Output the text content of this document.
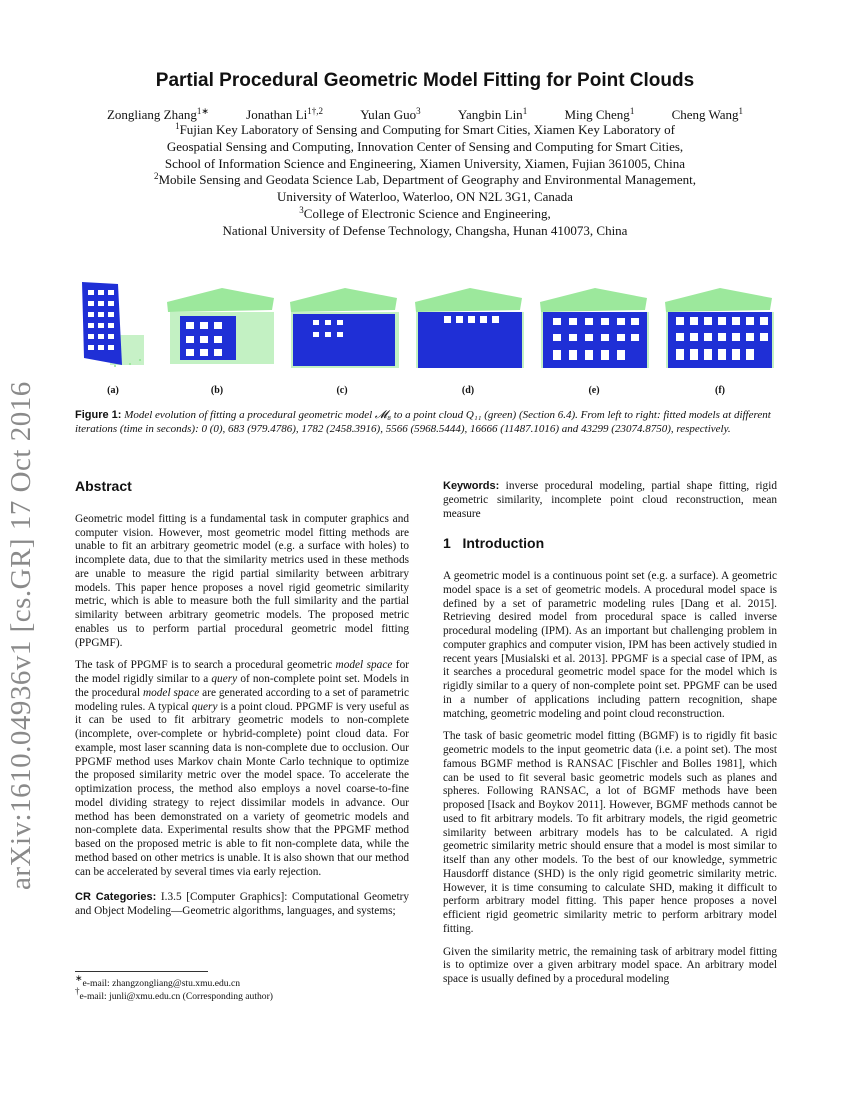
arXiv:1610.04936v1 [cs.GR] 17 Oct 2016
Partial Procedural Geometric Model Fitting for Point Clouds
Zongliang Zhang$^{1∗}$	Jonathan $Li^{1\dagger,2}$	Yulan Guo$^3$	Yangbin Lin$^1$	Ming Cheng$^1$	Cheng Wang$^1$
$^1$Fujian Key Laboratory of Sensing and Computing for Smart Cities, Xiamen Key Laboratory of
Geospatial Sensing and Computing, Innovation Center of Sensing and Computing for Smart Cities,
School of Information Science and Engineering, Xiamen University, Xiamen, Fujian 361005, China
$^2$Mobile Sensing and Geodata Science Lab, Department of Geography and Environmental Management,
University of Waterloo, Waterloo, ON N2L 3G1, Canada
$^3$College of Electronic Science and Engineering,
National University of Defense Technology, Changsha, Hunan 410073, China
(a)	(b)	(c)	(d)	(e)	(f)
Figure 1: Model evolution of fitting a procedural geometric model 𝓜₈ to a point cloud Q₁₁ (green) (Section 6.4). From left to right: fitted models at different iterations (time in seconds): 0 (0), 683 (979.4786), 1782 (2458.3916), 5566 (5968.5444), 16666 (11487.1016) and 43299 (23074.8750), respectively.
Abstract

Geometric model fitting is a fundamental task in computer graphics and computer vision. However, most geometric model fitting methods are unable to fit an arbitrary geometric model (e.g. a surface with holes) to incomplete data, due to that the similarity metrics used in these methods are unable to measure the rigid partial similarity between arbitrary models. This paper hence proposes a novel rigid geometric similarity metric, which is able to measure both the full similarity and the partial similarity between arbitrary geometric models. The proposed metric enables us to perform partial procedural geometric model fitting (PPGMF).

The task of PPGMF is to search a procedural geometric model space for the model rigidly similar to a query of non-complete point set. Models in the procedural model space are generated according to a set of parametric modeling rules. A typical query is a point cloud. PPGMF is very useful as it can be used to fit arbitrary geometric models to non-complete (incomplete, over-complete or hybrid-complete) point cloud data. For example, most laser scanning data is non-complete due to occlusion. Our PPGMF method uses Markov chain Monte Carlo technique to optimize the proposed similarity metric over the model space. To accelerate the optimization process, the method also employs a novel coarse-to-fine model dividing strategy to reject dissimilar models in advance. Our method has been demonstrated on a variety of geometric models and non-complete data. Experimental results show that the PPGMF method based on the proposed metric is able to fit non-complete data, while the method based on other metrics is unable. It is also shown that our method can be accelerated by several times via early rejection.

CR Categories: I.3.5 [Computer Graphics]: Computational Geometry and Object Modeling—Geometric algorithms, languages, and systems;

Keywords: inverse procedural modeling, partial shape fitting, rigid geometric similarity, incomplete point cloud reconstruction, mean measure

1 Introduction

A geometric model is a continuous point set (e.g. a surface). A geometric model space is a set of geometric models. A procedural model space is defined by a set of parametric modeling rules [Dang et al. 2015]. Retrieving desired model from procedural space is called inverse procedural modeling (IPM). As an important but challenging problem in computer graphics and computer vision, IPM has been actively studied in recent years [Musialski et al. 2013]. PPGMF is a special case of IPM, as it searches a procedural geometric model space for the model which is rigidly similar to a query of non-complete point set. PPGMF can be used in a number of applications including pattern recognition, shape matching, geometric modeling and point cloud reconstruction.

The task of basic geometric model fitting (BGMF) is to rigidly fit basic geometric models to the input geometric data (i.e. a point set). The most famous BGMF method is RANSAC [Fischler and Bolles 1981], which can be used to fit several basic geometric models such as planes and spheres. Following RANSAC, a lot of BGMF methods have been proposed [Isack and Boykov 2011]. However, BGMF methods cannot be used to fit arbitrary models. To fit arbitrary models, the rigid geometric similarity between arbitrary models has to be calculated. A rigid geometric similarity metric should ensure that a model is most similar to itself than any other models. To the best of our knowledge, symmetric Hausdorff distance (SHD) is the only rigid geometric similarity metric. However, it is time consuming to calculate SHD, making it difficult to perform arbitrary model fitting. This paper hence proposes a novel efficient rigid geometric similarity metric to perform arbitrary model fitting.

Given the similarity metric, the remaining task of arbitrary model fitting is to optimize over a given arbitrary model space. An arbitrary model space is usually defined by a procedural modeling

∗e-mail: zhangzongliang@stu.xmu.edu.cn
†e-mail: junli@xmu.edu.cn (Corresponding author)
